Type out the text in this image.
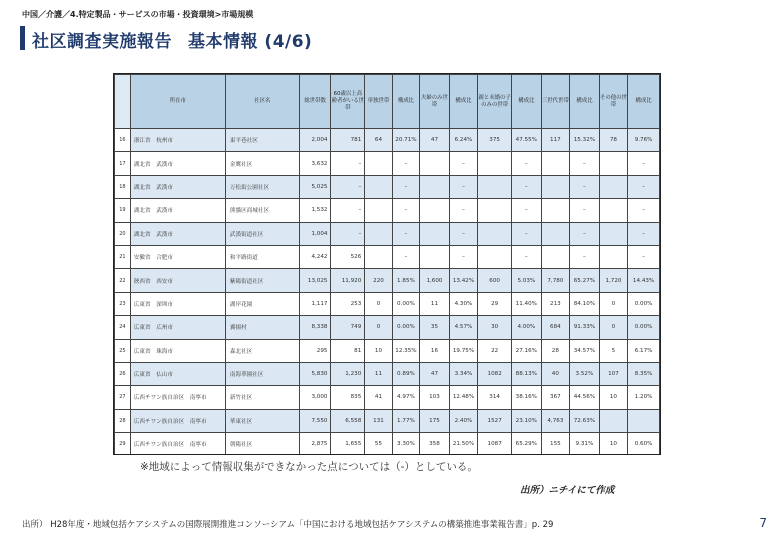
中国／介護／4.特定製品・サービスの市場・投資環境>市場規模
社区調査実施報告 基本情報 (4/6)
	所在市	社区名	総世帯数	60歳以上高齢者がいる世帯	単独世帯	構成比	夫婦のみ世帯	構成比	親と未婚の子のみの世帯	構成比	三世代世帯	構成比	その他の世帯	構成比
16	浙江省　杭州市	東平巷社区	2,004	781	64	20.71%	47	6.24%	375	47.55%	117	15.32%	78	9.76%
17	湖北省　武漢市	金鹰社区	3,632	–		–		–		–		–		–
18	湖北省　武漢市	万松街公園社区	5,025	–		–		–		–		–		–
19	湖北省　武漢市	熊貓区商城社区	1,532	–		–		–		–		–		–
20	湖北省　武漢市	武漢街道社区	1,004	–		–		–		–		–		–
21	安徽省　合肥市	和平路街道	4,242	526		–		–		–		–		–
22	陝西省　西安市	紫陽街道社区	13,025	11,920	220	1.85%	1,600	13.42%	600	5.03%	7,780	65.27%	1,720	14.43%
23	広東省　深圳市	湖岸花園	1,117	253	0	0.00%	11	4.30%	29	11.40%	213	84.10%	0	0.00%
24	広東省　広州市	翼揚村	8,338	749	0	0.00%	35	4.57%	30	4.00%	684	91.33%	0	0.00%
25	広東省　珠海市	森北社区	295	81	10	12.35%	16	19.75%	22	27.16%	28	34.57%	5	6.17%
26	広東省　仏山市	南海華園社区	5,830	1,230	11	0.89%	47	3.34%	1082	88.13%	40	3.52%	107	8.35%
27	広西チワン族自治区　南寧市	新竹社区	3,000	835	41	4.97%	103	12.48%	314	38.16%	367	44.56%	10	1.20%
28	広西チワン族自治区　南寧市	華東社区	7,550	6,558	131	1.77%	175	2.40%	1527	23.10%	4,763	72.63%		
29	広西チワン族自治区　南寧市	朝陽社区	2,875	1,655	55	3.30%	358	21.50%	1087	65.29%	155	9.31%	10	0.60%

※地域によって情報収集ができなかった点については（-）としている。
出所）ニチイにて作成
出所） H28年度・地域包括ケアシステムの国際展開推進コンソーシアム「中国における地域包括ケアシステムの構築推進事業報告書」p. 29	7
